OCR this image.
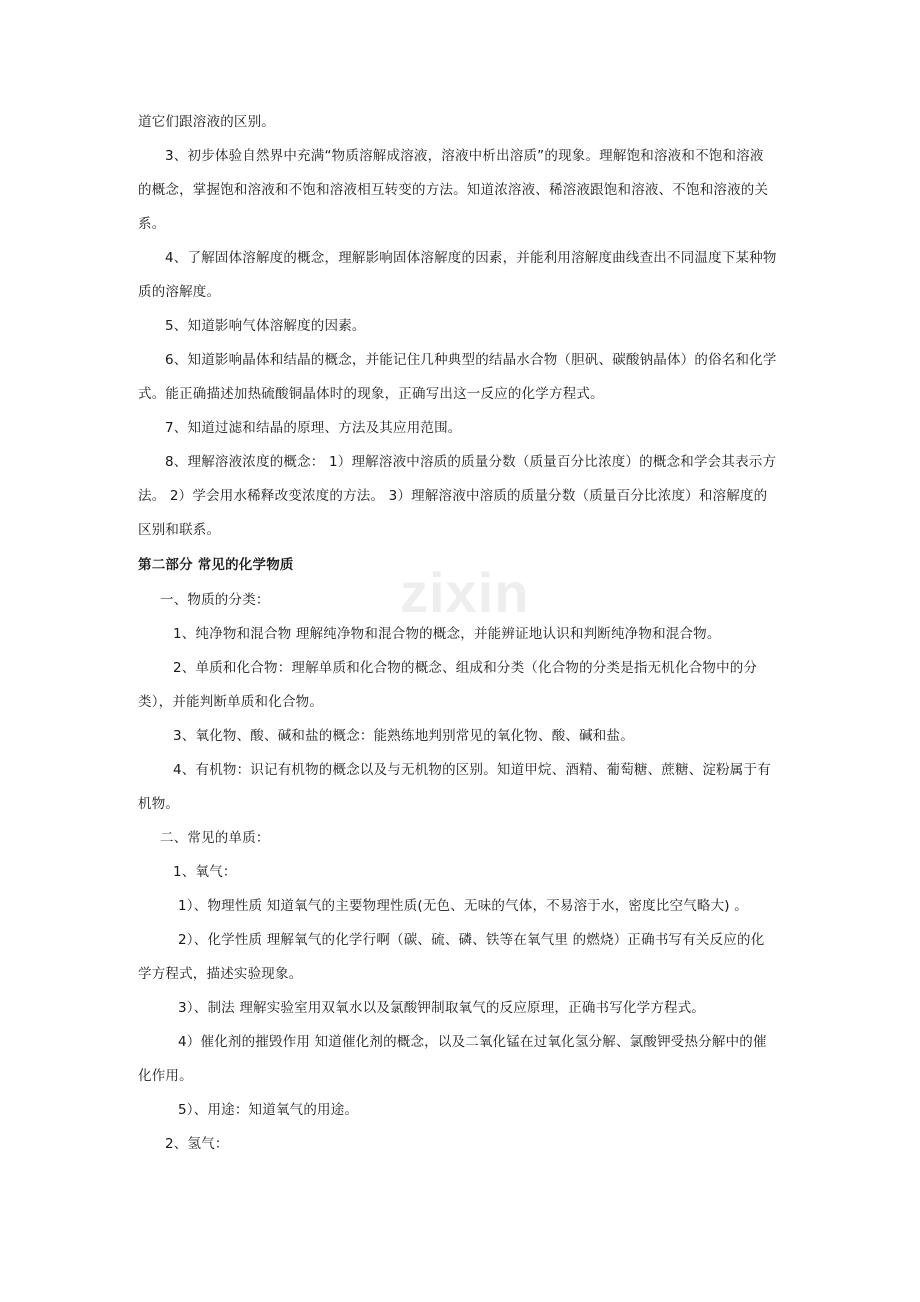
zixin
道它们跟溶液的区别。
3、初步体验自然界中充满“物质溶解成溶液，溶液中析出溶质”的现象。理解饱和溶液和不饱和溶液
的概念，掌握饱和溶液和不饱和溶液相互转变的方法。知道浓溶液、稀溶液跟饱和溶液、不饱和溶液的关
系。
4、了解固体溶解度的概念，理解影响固体溶解度的因素，并能利用溶解度曲线查出不同温度下某种物
质的溶解度。
5、知道影响气体溶解度的因素。
6、知道影响晶体和结晶的概念，并能记住几种典型的结晶水合物（胆矾、碳酸钠晶体）的俗名和化学
式。能正确描述加热硫酸铜晶体时的现象，正确写出这一反应的化学方程式。
7、知道过滤和结晶的原理、方法及其应用范围。
8、理解溶液浓度的概念： 1）理解溶液中溶质的质量分数（质量百分比浓度）的概念和学会其表示方
法。 2）学会用水稀释改变浓度的方法。 3）理解溶液中溶质的质量分数（质量百分比浓度）和溶解度的
区别和联系。
第二部分 常见的化学物质
一、物质的分类：
1、纯净物和混合物 理解纯净物和混合物的概念，并能辨证地认识和判断纯净物和混合物。
2、单质和化合物：理解单质和化合物的概念、组成和分类（化合物的分类是指无机化合物中的分
类），并能判断单质和化合物。
3、氧化物、酸、碱和盐的概念：能熟练地判别常见的氧化物、酸、碱和盐。
4、有机物：识记有机物的概念以及与无机物的区别。知道甲烷、酒精、葡萄糖、蔗糖、淀粉属于有
机物。
二、常见的单质：
1、氧气：
1）、物理性质 知道氧气的主要物理性质(无色、无味的气体，不易溶于水，密度比空气略大) 。
2）、化学性质 理解氧气的化学行啊（碳、硫、磷、铁等在氧气里 的燃烧）正确书写有关反应的化
学方程式，描述实验现象。
3）、制法 理解实验室用双氧水以及氯酸钾制取氧气的反应原理，正确书写化学方程式。
4）催化剂的摧毁作用 知道催化剂的概念，以及二氧化锰在过氧化氢分解、氯酸钾受热分解中的催
化作用。
5）、用途：知道氧气的用途。
2、氢气：
